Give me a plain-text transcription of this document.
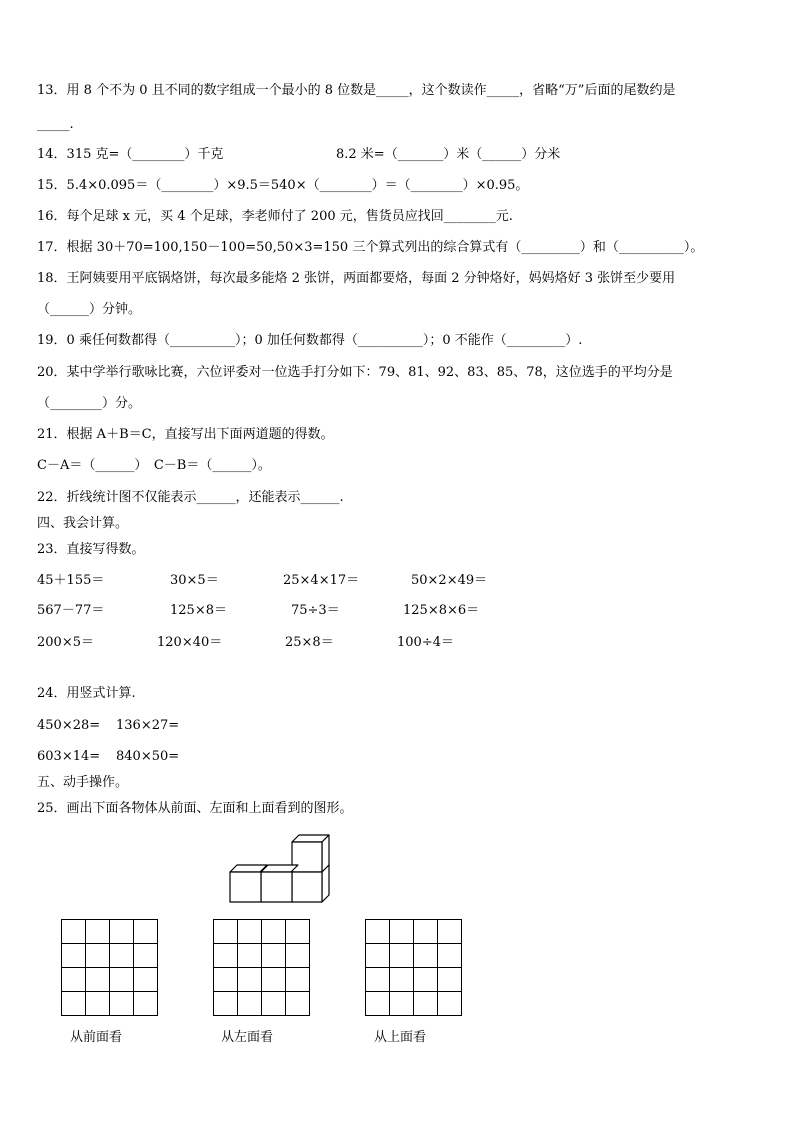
13．用 8 个不为 0 且不同的数字组成一个最小的 8 位数是_____，这个数读作_____，省略“万”后面的尾数约是
_____.
14．315 克=（________）千克	8.2 米=（_______）米（______）分米
15．5.4×0.095＝（________）×9.5＝540×（________）＝（________）×0.95。
16．每个足球 x 元，买 4 个足球，李老师付了 200 元，售货员应找回________元.
17．根据 30＋70=100,150－100=50,50×3=150 三个算式列出的综合算式有（_________）和（__________）。
18．王阿姨要用平底锅烙饼，每次最多能烙 2 张饼，两面都要烙，每面 2 分钟烙好，妈妈烙好 3 张饼至少要用
（______）分钟。
19．0 乘任何数都得（__________）；0 加任何数都得（__________）；0 不能作（_________）.
20．某中学举行歌咏比赛，六位评委对一位选手打分如下：79、81、92、83、85、78，这位选手的平均分是
（________）分。
21．根据 A＋B＝C，直接写出下面两道题的得数。
C－A＝（______）　C－B＝（______）。
22．折线统计图不仅能表示______，还能表示______.
四、我会计算。
23．直接写得数。
45＋155＝	30×5＝	25×4×17＝	50×2×49＝
567－77＝	125×8＝	75÷3＝	125×8×6＝
200×5＝	120×40＝	25×8＝	100÷4＝
24．用竖式计算.
450×28= 136×27=
603×14= 840×50=
五、动手操作。
25．画出下面各物体从前面、左面和上面看到的图形。
从前面看	从左面看	从上面看
